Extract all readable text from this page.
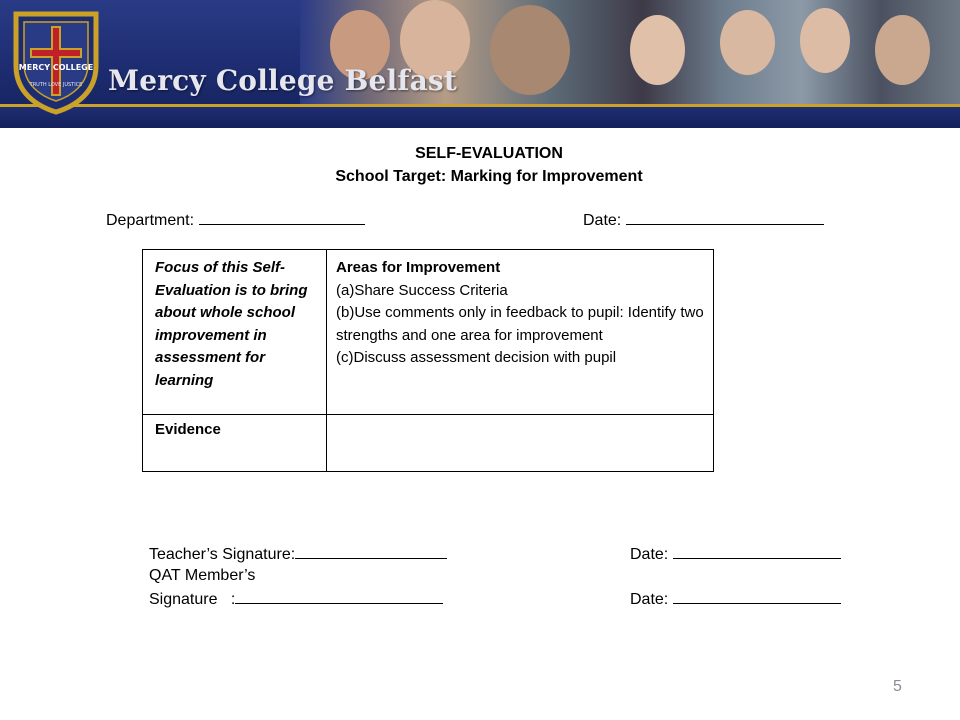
MERCY COLLEGE
TRUTH LOVE JUSTICE Mercy College Belfast
SELF-EVALUATION
School Target: Marking for Improvement
Department:	Date:
Focus of this Self-Evaluation is to bring about whole school improvement in assessment for learning	Areas for Improvement
(a)Share Success Criteria
(b)Use comments only in feedback to pupil: Identify two strengths and one area for improvement
(c)Discuss assessment decision with pupil

Evidence	

Teacher’s Signature:	Date:
QAT Member’s
Signature   :	Date:
5
